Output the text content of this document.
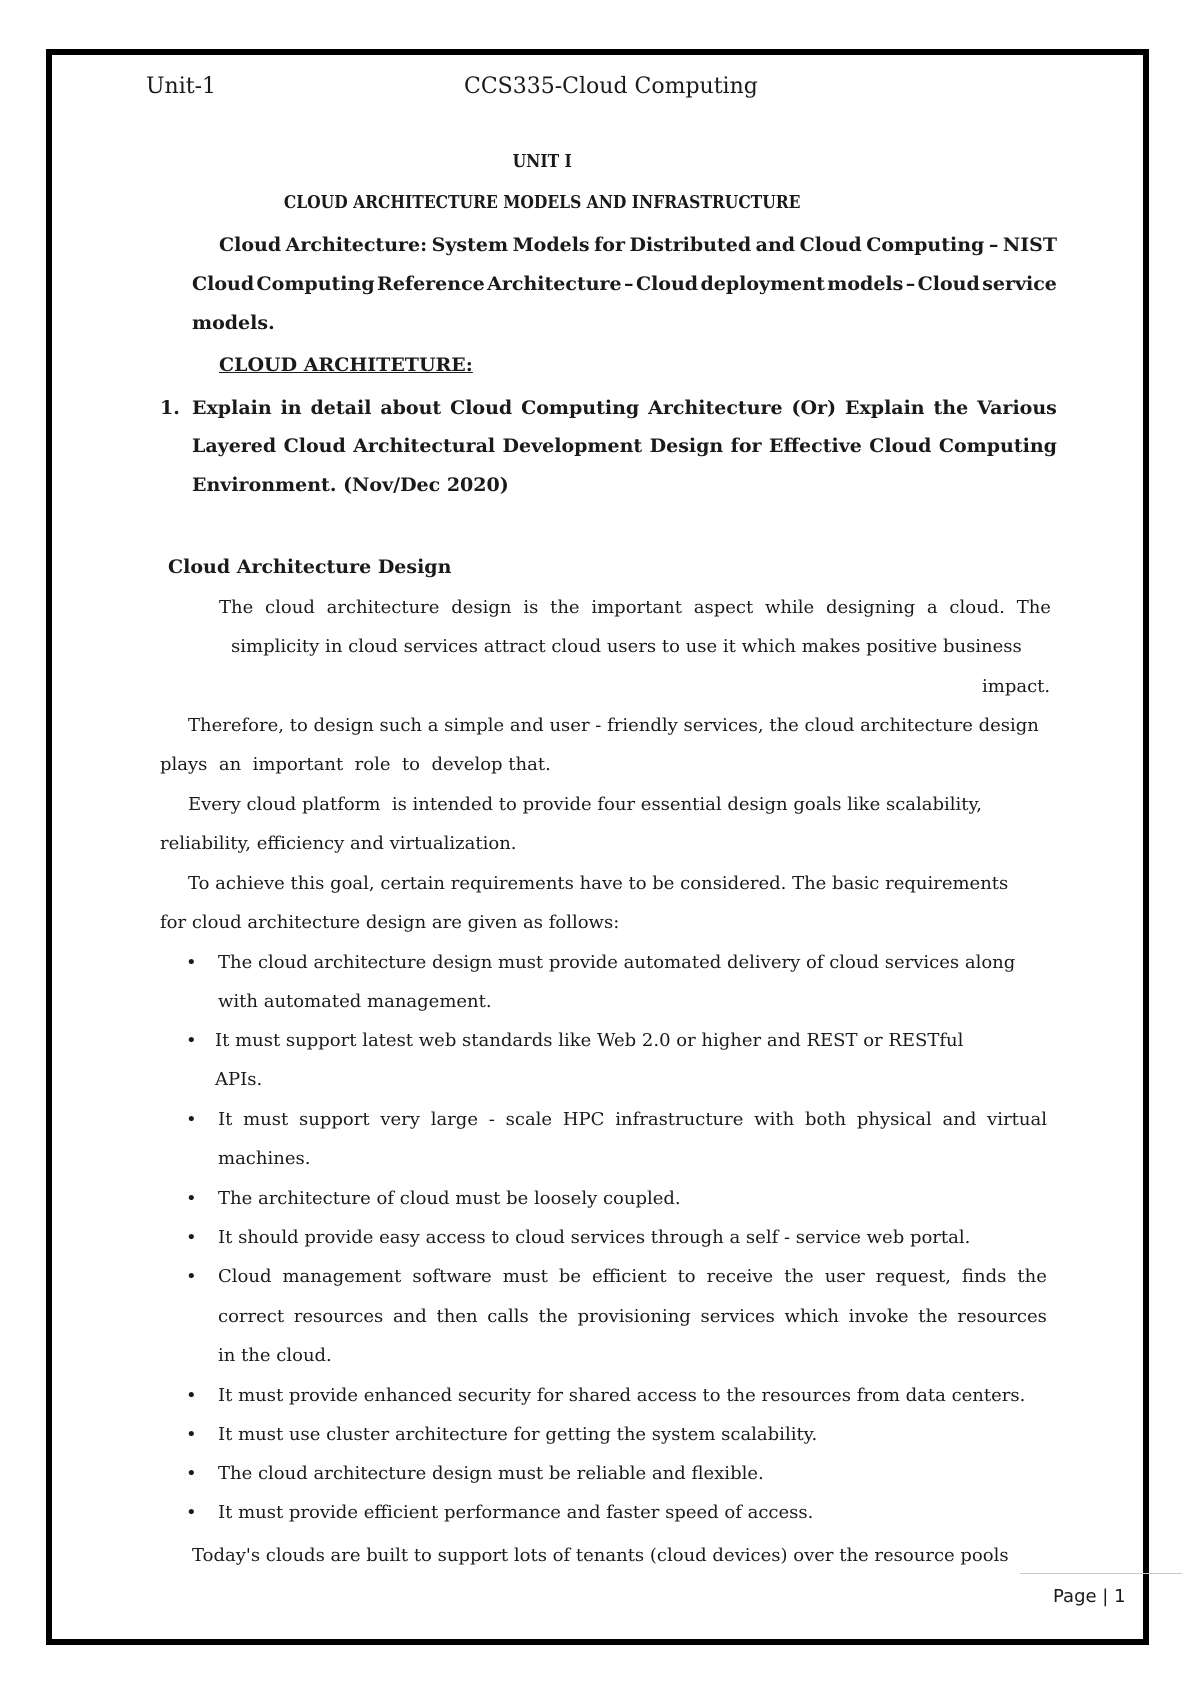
Unit-1	CCS335-Cloud Computing
UNIT I
CLOUD ARCHITECTURE MODELS AND INFRASTRUCTURE
Cloud Architecture: System Models for Distributed and Cloud Computing – NIST
Cloud Computing Reference Architecture – Cloud deployment models – Cloud service
models.
CLOUD ARCHITETURE:
1. Explain in detail about Cloud Computing Architecture (Or) Explain the Various
Layered Cloud Architectural Development Design for Effective Cloud Computing
Environment. (Nov/Dec 2020)
Cloud Architecture Design
The cloud architecture design is the important aspect while designing a cloud. The
simplicity in cloud services attract cloud users to use it which makes positive business
impact.
Therefore, to design such a simple and user - friendly services, the cloud architecture design
plays  an  important  role  to  develop that.
Every cloud platform  is intended to provide four essential design goals like scalability,
reliability, efficiency and virtualization.
To achieve this goal, certain requirements have to be considered. The basic requirements
for cloud architecture design are given as follows:
• The cloud architecture design must provide automated delivery of cloud services along
with automated management.
• It must support latest web standards like Web 2.0 or higher and REST or RESTful
APIs.
• It must support very large - scale HPC infrastructure with both physical and virtual
machines.
• The architecture of cloud must be loosely coupled.
• It should provide easy access to cloud services through a self - service web portal.
• Cloud management software must be efficient to receive the user request, finds the
correct resources and then calls the provisioning services which invoke the resources
in the cloud.
• It must provide enhanced security for shared access to the resources from data centers.
• It must use cluster architecture for getting the system scalability.
• The cloud architecture design must be reliable and flexible.
• It must provide efficient performance and faster speed of access.
Today's clouds are built to support lots of tenants (cloud devices) over the resource pools
Page | 1
